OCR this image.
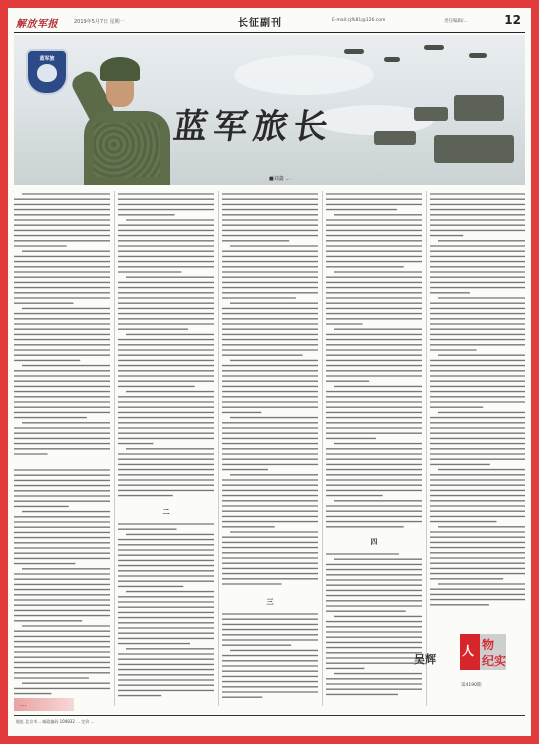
解放军报	2019年5月7日 星期一	长征副刊	E-mail:cjfk81@126.com	责任编辑/...	12
蓝军旅
蓝军旅长
■刘鑫 ...
二
三
四
...
人 物
纪实
吴辉
第4190期
地址 北京市... 邮政编码 100832 ... 定价 ...
